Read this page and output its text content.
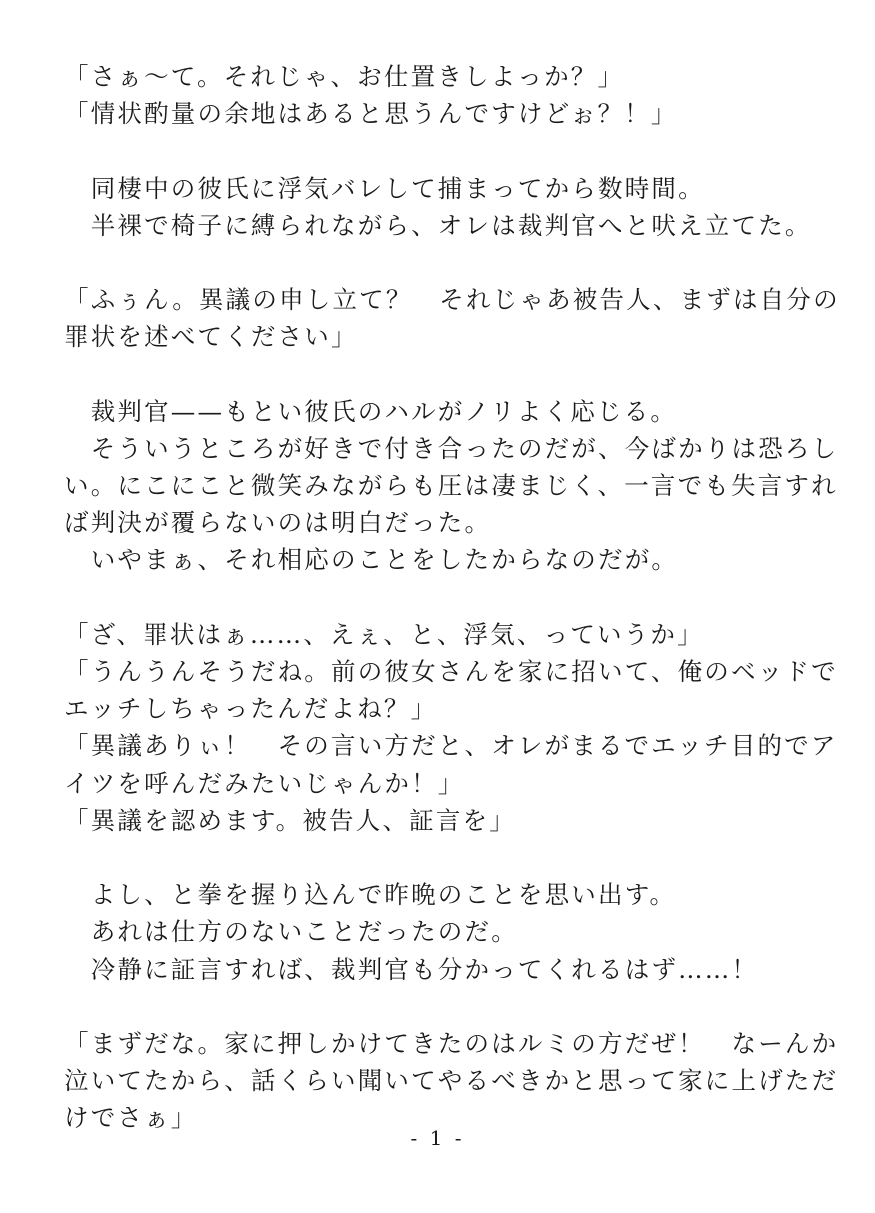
「さぁ〜て。それじゃ、お仕置きしよっか？」
「情状酌量の余地はあると思うんですけどぉ？！」
　同棲中の彼氏に浮気バレして捕まってから数時間。
　半裸で椅子に縛られながら、オレは裁判官へと吠え立てた。
「ふぅん。異議の申し立て？　それじゃあ被告人、まずは自分の
罪状を述べてください」
　裁判官——もとい彼氏のハルがノリよく応じる。
　そういうところが好きで付き合ったのだが、今ばかりは恐ろし
い。にこにこと微笑みながらも圧は凄まじく、一言でも失言すれ
ば判決が覆らないのは明白だった。
　いやまぁ、それ相応のことをしたからなのだが。
「ざ、罪状はぁ……、えぇ、と、浮気、っていうか」
「うんうんそうだね。前の彼女さんを家に招いて、俺のベッドで
エッチしちゃったんだよね？」
「異議ありぃ！　その言い方だと、オレがまるでエッチ目的でア
イツを呼んだみたいじゃんか！」
「異議を認めます。被告人、証言を」
　よし、と拳を握り込んで昨晩のことを思い出す。
　あれは仕方のないことだったのだ。
　冷静に証言すれば、裁判官も分かってくれるはず……！
「まずだな。家に押しかけてきたのはルミの方だぜ！　なーんか
泣いてたから、話くらい聞いてやるべきかと思って家に上げただ
けでさぁ」
- 1 -
